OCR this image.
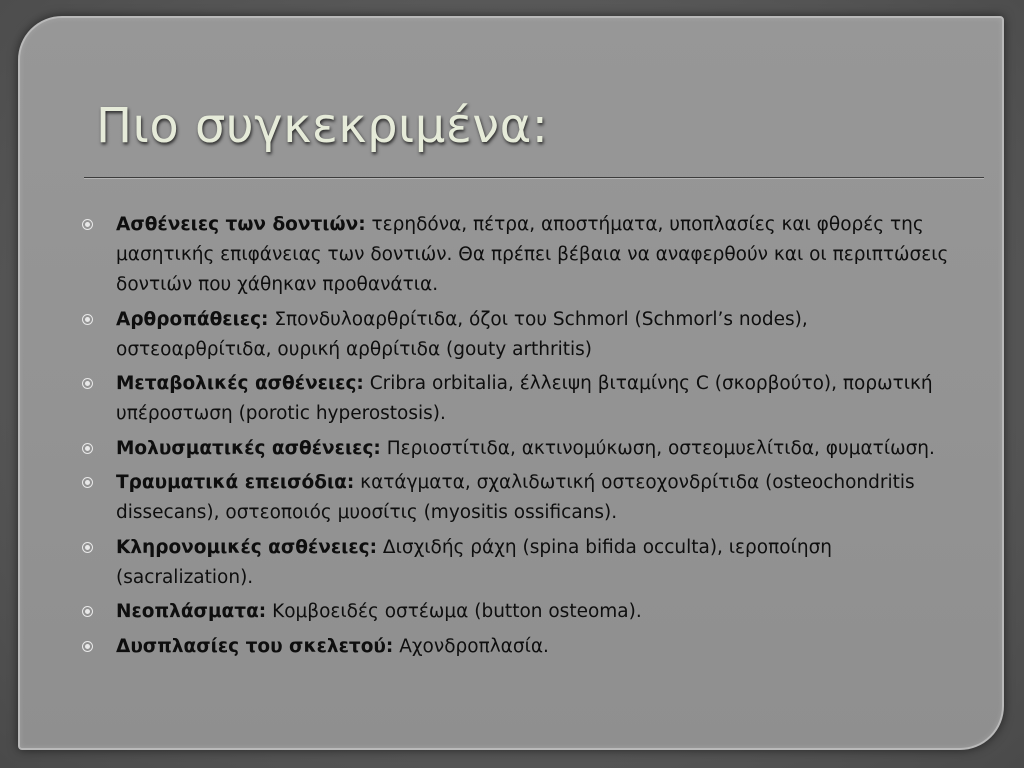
Πιο συγκεκριμένα:
Ασθένειες των δοντιών: τερηδόνα, πέτρα, αποστήματα, υποπλασίες και φθορές της μασητικής επιφάνειας των δοντιών. Θα πρέπει βέβαια να αναφερθούν και οι περιπτώσεις δοντιών που χάθηκαν προθανάτια.
Αρθροπάθειες: Σπονδυλοαρθρίτιδα, όζοι του Schmorl (Schmorl’s nodes), οστεοαρθρίτιδα, ουρική αρθρίτιδα (gouty arthritis)
Μεταβολικές ασθένειες: Cribra orbitalia, έλλειψη βιταμίνης C (σκορβούτο), πορωτική υπέροστωση (porotic hyperostosis).
Μολυσματικές ασθένειες: Περιοστίτιδα, ακτινομύκωση, οστεομυελίτιδα, φυματίωση.
Τραυματικά επεισόδια: κατάγματα, σχαλιδωτική οστεοχονδρίτιδα (osteochondritis dissecans), οστεοποιός μυοσίτις (myositis ossificans).
Κληρονομικές ασθένειες: Δισχιδής ράχη (spina bifida occulta), ιεροποίηση (sacralization).
Νεοπλάσματα: Κομβοειδές οστέωμα (button osteoma).
Δυσπλασίες του σκελετού: Αχονδροπλασία.
